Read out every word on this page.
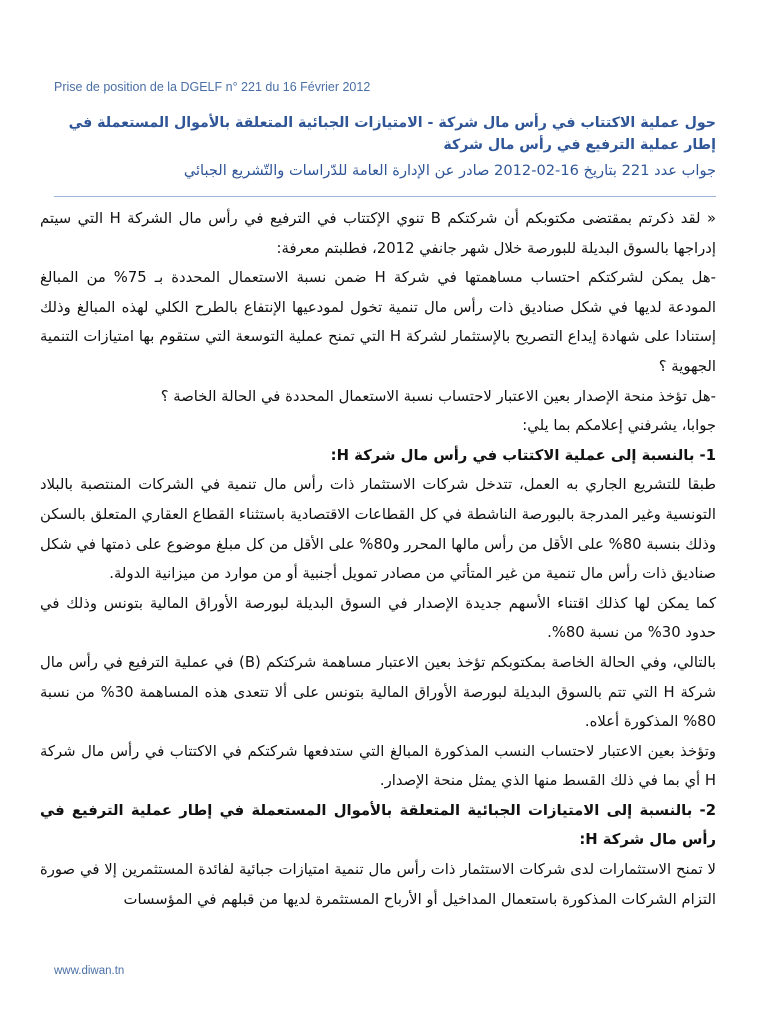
Prise de position de la DGELF n° 221 du 16 Février 2012
حول عملية الاكتتاب في رأس مال شركة - الامتيازات الجبائية المتعلقة بالأموال المستعملة في إطار عملية الترفيع في رأس مال شركة
جواب عدد 221 بتاريخ 16-02-2012 صادر عن الإدارة العامة للدّراسات والتّشريع الجبائي

« لقد ذكرتم بمقتضى مكتوبكم أن شركتكم B تنوي الإكتتاب في الترفيع في رأس مال الشركة H التي سيتم إدراجها بالسوق البديلة للبورصة خلال شهر جانفي 2012، فطلبتم معرفة:

-هل يمكن لشركتكم احتساب مساهمتها في شركة H ضمن نسبة الاستعمال المحددة بـ 75% من المبالغ المودعة لديها في شكل صناديق ذات رأس مال تنمية تخول لمودعيها الإنتفاع بالطرح الكلي لهذه المبالغ وذلك إستنادا على شهادة إيداع التصريح بالإستثمار لشركة H التي تمنح عملية التوسعة التي ستقوم بها امتيازات التنمية الجهوية ؟

-هل تؤخذ منحة الإصدار بعين الاعتبار لاحتساب نسبة الاستعمال المحددة في الحالة الخاصة ؟

جوابا، يشرفني إعلامكم بما يلي:

1- بالنسبة إلى عملية الاكتتاب في رأس مال شركة H:

طبقا للتشريع الجاري به العمل، تتدخل شركات الاستثمار ذات رأس مال تنمية في الشركات المنتصبة بالبلاد التونسية وغير المدرجة بالبورصة الناشطة في كل القطاعات الاقتصادية باستثناء القطاع العقاري المتعلق بالسكن وذلك بنسبة 80% على الأقل من رأس مالها المحرر و80% على الأقل من كل مبلغ موضوع على ذمتها في شكل صناديق ذات رأس مال تنمية من غير المتأتي من مصادر تمويل أجنبية أو من موارد من ميزانية الدولة.

كما يمكن لها كذلك اقتناء الأسهم جديدة الإصدار في السوق البديلة لبورصة الأوراق المالية بتونس وذلك في حدود 30% من نسبة 80%.

بالتالي، وفي الحالة الخاصة بمكتوبكم تؤخذ بعين الاعتبار مساهمة شركتكم (B) في عملية الترفيع في رأس مال شركة H التي تتم بالسوق البديلة لبورصة الأوراق المالية بتونس على ألا تتعدى هذه المساهمة 30% من نسبة 80% المذكورة أعلاه.

وتؤخذ بعين الاعتبار لاحتساب النسب المذكورة المبالغ التي ستدفعها شركتكم في الاكتتاب في رأس مال شركة H أي بما في ذلك القسط منها الذي يمثل منحة الإصدار.

2- بالنسبة إلى الامتيازات الجبائية المتعلقة بالأموال المستعملة في إطار عملية الترفيع في رأس مال شركة H:

لا تمنح الاستثمارات لدى شركات الاستثمار ذات رأس مال تنمية امتيازات جبائية لفائدة المستثمرين إلا في صورة التزام الشركات المذكورة باستعمال المداخيل أو الأرباح المستثمرة لديها من قبلهم في المؤسسات

www.diwan.tn
